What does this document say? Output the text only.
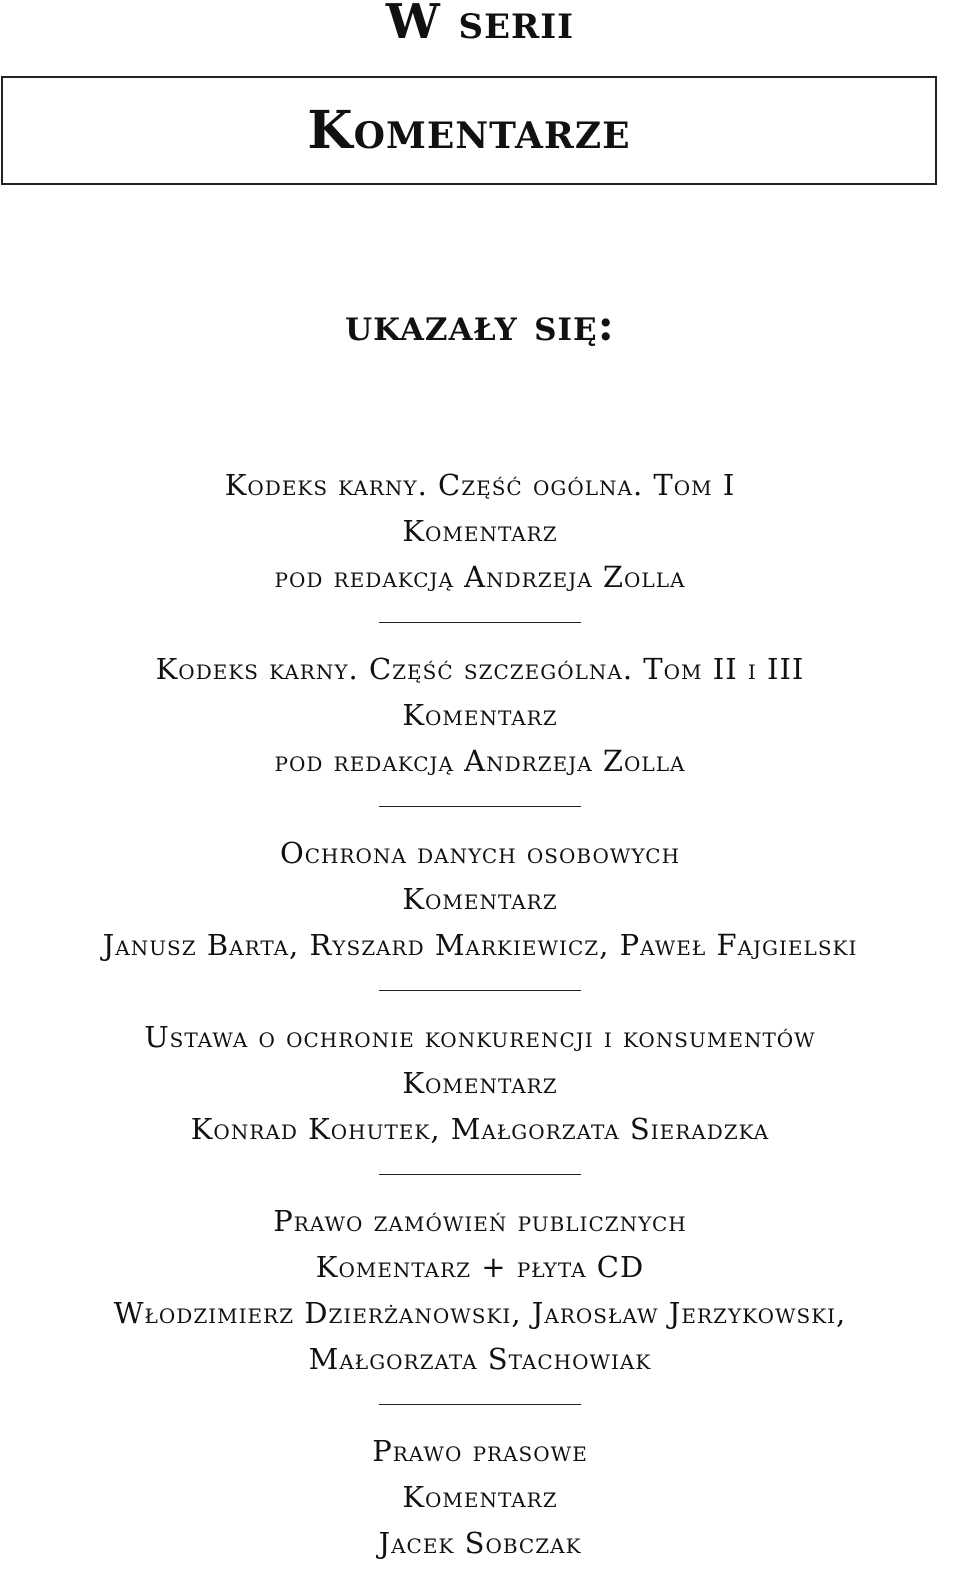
W serii
Komentarze
ukazały się:
Kodeks karny. Część ogólna. Tom I
Komentarz
pod redakcją Andrzeja Zolla
Kodeks karny. Część szczególna. Tom II i III
Komentarz
pod redakcją Andrzeja Zolla
Ochrona danych osobowych
Komentarz
Janusz Barta, Ryszard Markiewicz, Paweł Fajgielski
Ustawa o ochronie konkurencji i konsumentów
Komentarz
Konrad Kohutek, Małgorzata Sieradzka
Prawo zamówień publicznych
Komentarz + płyta CD
Włodzimierz Dzierżanowski, Jarosław Jerzykowski,
Małgorzata Stachowiak
Prawo prasowe
Komentarz
Jacek Sobczak
